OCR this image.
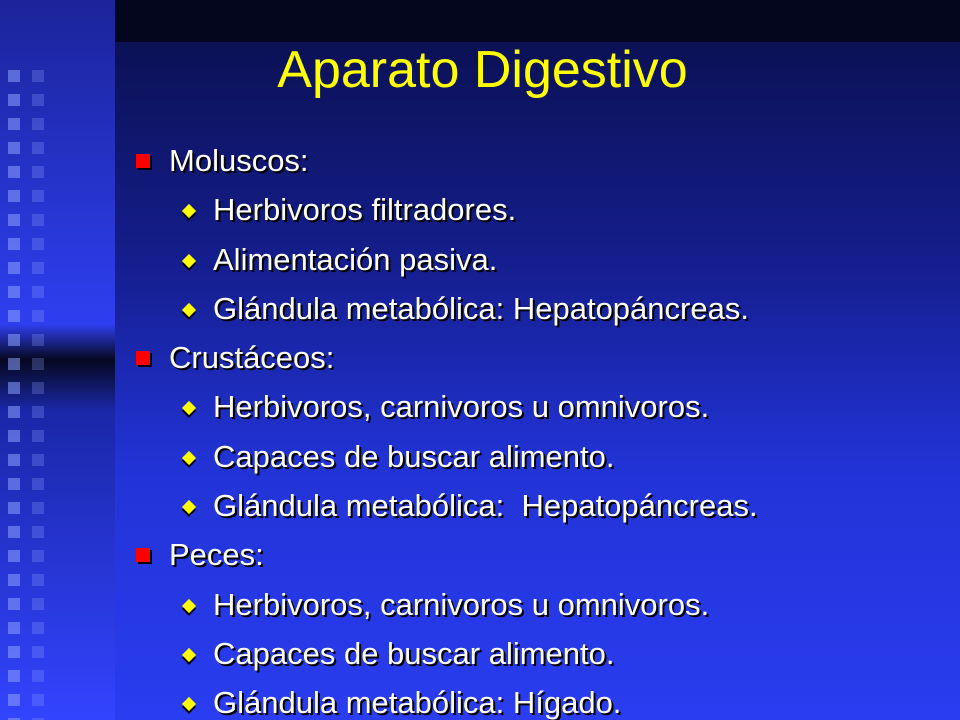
Aparato Digestivo
Moluscos:
Herbivoros filtradores.
Alimentación pasiva.
Glándula metabólica: Hepatopáncreas.
Crustáceos:
Herbivoros, carnivoros u omnivoros.
Capaces de buscar alimento.
Glándula metabólica:  Hepatopáncreas.
Peces:
Herbivoros, carnivoros u omnivoros.
Capaces de buscar alimento.
Glándula metabólica: Hígado.
